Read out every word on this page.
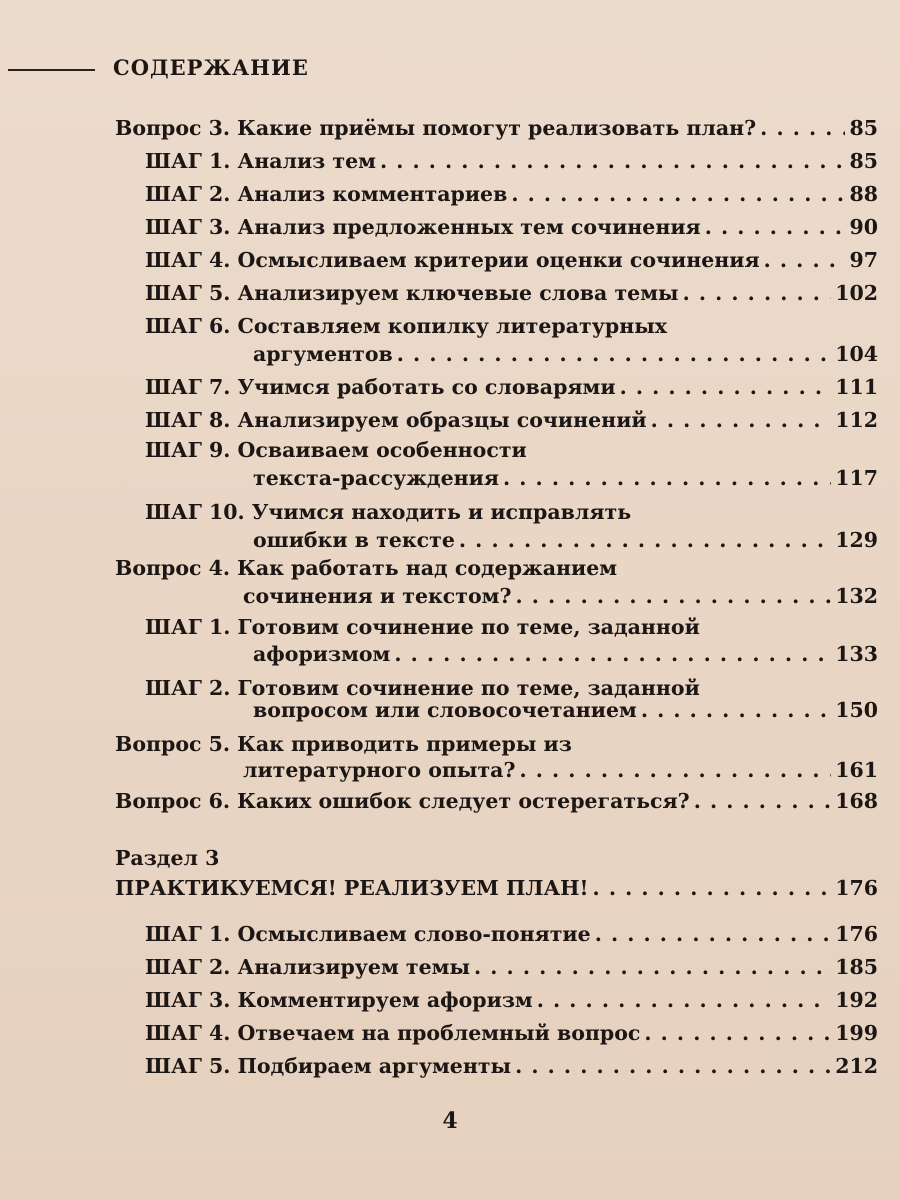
СОДЕРЖАНИЕ
Вопрос 3. Какие приёмы помогут реализовать план? . . .	85
ШАГ 1. Анализ тем . . .	85
ШАГ 2. Анализ комментариев . . .	88
ШАГ 3. Анализ предложенных тем сочинения . . .	90
ШАГ 4. Осмысливаем критерии оценки сочинения . . .	97
ШАГ 5. Анализируем ключевые слова темы . . .	102
ШАГ 6. Составляем копилку литературных
аргументов . . .	104
ШАГ 7. Учимся работать со словарями . . .	111
ШАГ 8. Анализируем образцы сочинений . . .	112
ШАГ 9. Осваиваем особенности
текста-рассуждения . . .	117
ШАГ 10. Учимся находить и исправлять
ошибки в тексте . . .	129
Вопрос 4. Как работать над содержанием
сочинения и текстом? . . .	132
ШАГ 1. Готовим сочинение по теме, заданной
афоризмом . . .	133
ШАГ 2. Готовим сочинение по теме, заданной
вопросом или словосочетанием . . .	150
Вопрос 5. Как приводить примеры из
литературного опыта? . . .	161
Вопрос 6. Каких ошибок следует остерегаться? . . .	168
Раздел 3
ПРАКТИКУЕМСЯ! РЕАЛИЗУЕМ ПЛАН! . . .	176
ШАГ 1. Осмысливаем слово-понятие . . .	176
ШАГ 2. Анализируем темы . . .	185
ШАГ 3. Комментируем афоризм . . .	192
ШАГ 4. Отвечаем на проблемный вопрос . . .	199
ШАГ 5. Подбираем аргументы . . .	212
4
